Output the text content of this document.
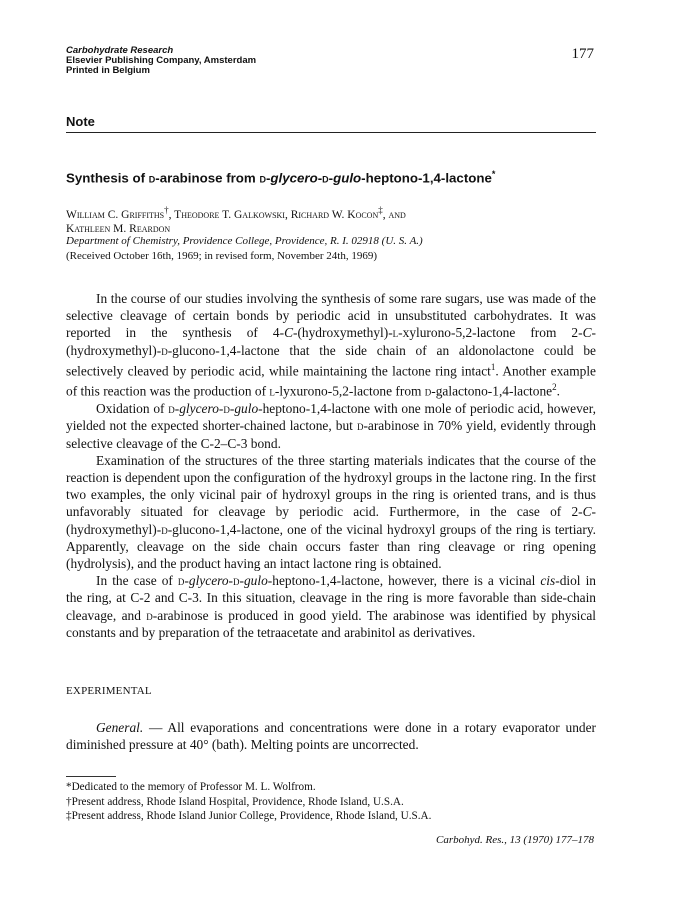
Carbohydrate Research
Elsevier Publishing Company, Amsterdam
Printed in Belgium
177
Note
Synthesis of d-arabinose from d-glycero-d-gulo-heptono-1,4-lactone*
William C. Griffiths†, Theodore T. Galkowski, Richard W. Kocon‡, and
Kathleen M. Reardon
Department of Chemistry, Providence College, Providence, R. I. 02918 (U. S. A.)
(Received October 16th, 1969; in revised form, November 24th, 1969)

In the course of our studies involving the synthesis of some rare sugars, use was made of the selective cleavage of certain bonds by periodic acid in unsubstituted carbohydrates. It was reported in the synthesis of 4-C-(hydroxymethyl)-l-xylurono-5,2-lactone from 2-C-(hydroxymethyl)-d-glucono-1,4-lactone that the side chain of an aldonolactone could be selectively cleaved by periodic acid, while maintaining the lactone ring intact$^1$. Another example of this reaction was the production of l-lyxurono-5,2-lactone from d-galactono-1,4-lactone$^2$.

Oxidation of d-glycero-d-gulo-heptono-1,4-lactone with one mole of periodic acid, however, yielded not the expected shorter-chained lactone, but d-arabinose in 70% yield, evidently through selective cleavage of the C-2–C-3 bond.

Examination of the structures of the three starting materials indicates that the course of the reaction is dependent upon the configuration of the hydroxyl groups in the lactone ring. In the first two examples, the only vicinal pair of hydroxyl groups in the ring is oriented trans, and is thus unfavorably situated for cleavage by periodic acid. Furthermore, in the case of 2-C-(hydroxymethyl)-d-glucono-1,4-lactone, one of the vicinal hydroxyl groups of the ring is tertiary. Apparently, cleavage on the side chain occurs faster than ring cleavage or ring opening (hydrolysis), and the product having an intact lactone ring is obtained.

In the case of d-glycero-d-gulo-heptono-1,4-lactone, however, there is a vicinal cis-diol in the ring, at C-2 and C-3. In this situation, cleavage in the ring is more favorable than side-chain cleavage, and d-arabinose is produced in good yield. The arabinose was identified by physical constants and by preparation of the tetraacetate and arabinitol as derivatives.

EXPERIMENTAL

General. — All evaporations and concentrations were done in a rotary evaporator under diminished pressure at 40° (bath). Melting points are uncorrected.

*Dedicated to the memory of Professor M. L. Wolfrom.
†Present address, Rhode Island Hospital, Providence, Rhode Island, U.S.A.
‡Present address, Rhode Island Junior College, Providence, Rhode Island, U.S.A.
Carbohyd. Res., 13 (1970) 177–178
